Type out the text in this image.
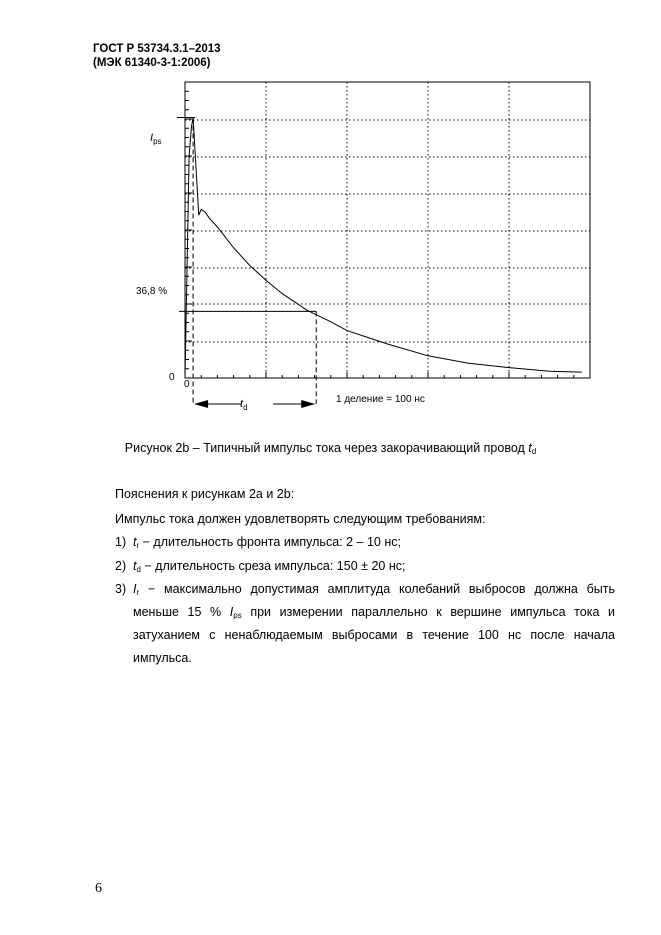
ГОСТ Р 53734.3.1–2013
(МЭК 61340-3-1:2006)
$I_{ps}$
36,8 %
0
0
$t_d$
1 деление = 100 нс
Рисунок 2b – Типичный импульс тока через закорачивающий провод $t_d$
Пояснения к рисункам 2а и 2b:
Импульс тока должен удовлетворять следующим требованиям:
1) $t_r$ − длительность фронта импульса: 2 – 10 нс;
2) $t_d$ − длительность среза импульса: 150 ± 20 нс;
3) $I_r$ − максимально допустимая амплитуда колебаний выбросов должна быть
меньше 15 % $I_{ps}$ при измерении параллельно к вершине импульса тока и
затуханием с ненаблюдаемым выбросами в течение 100 нс после начала
импульса.
6
